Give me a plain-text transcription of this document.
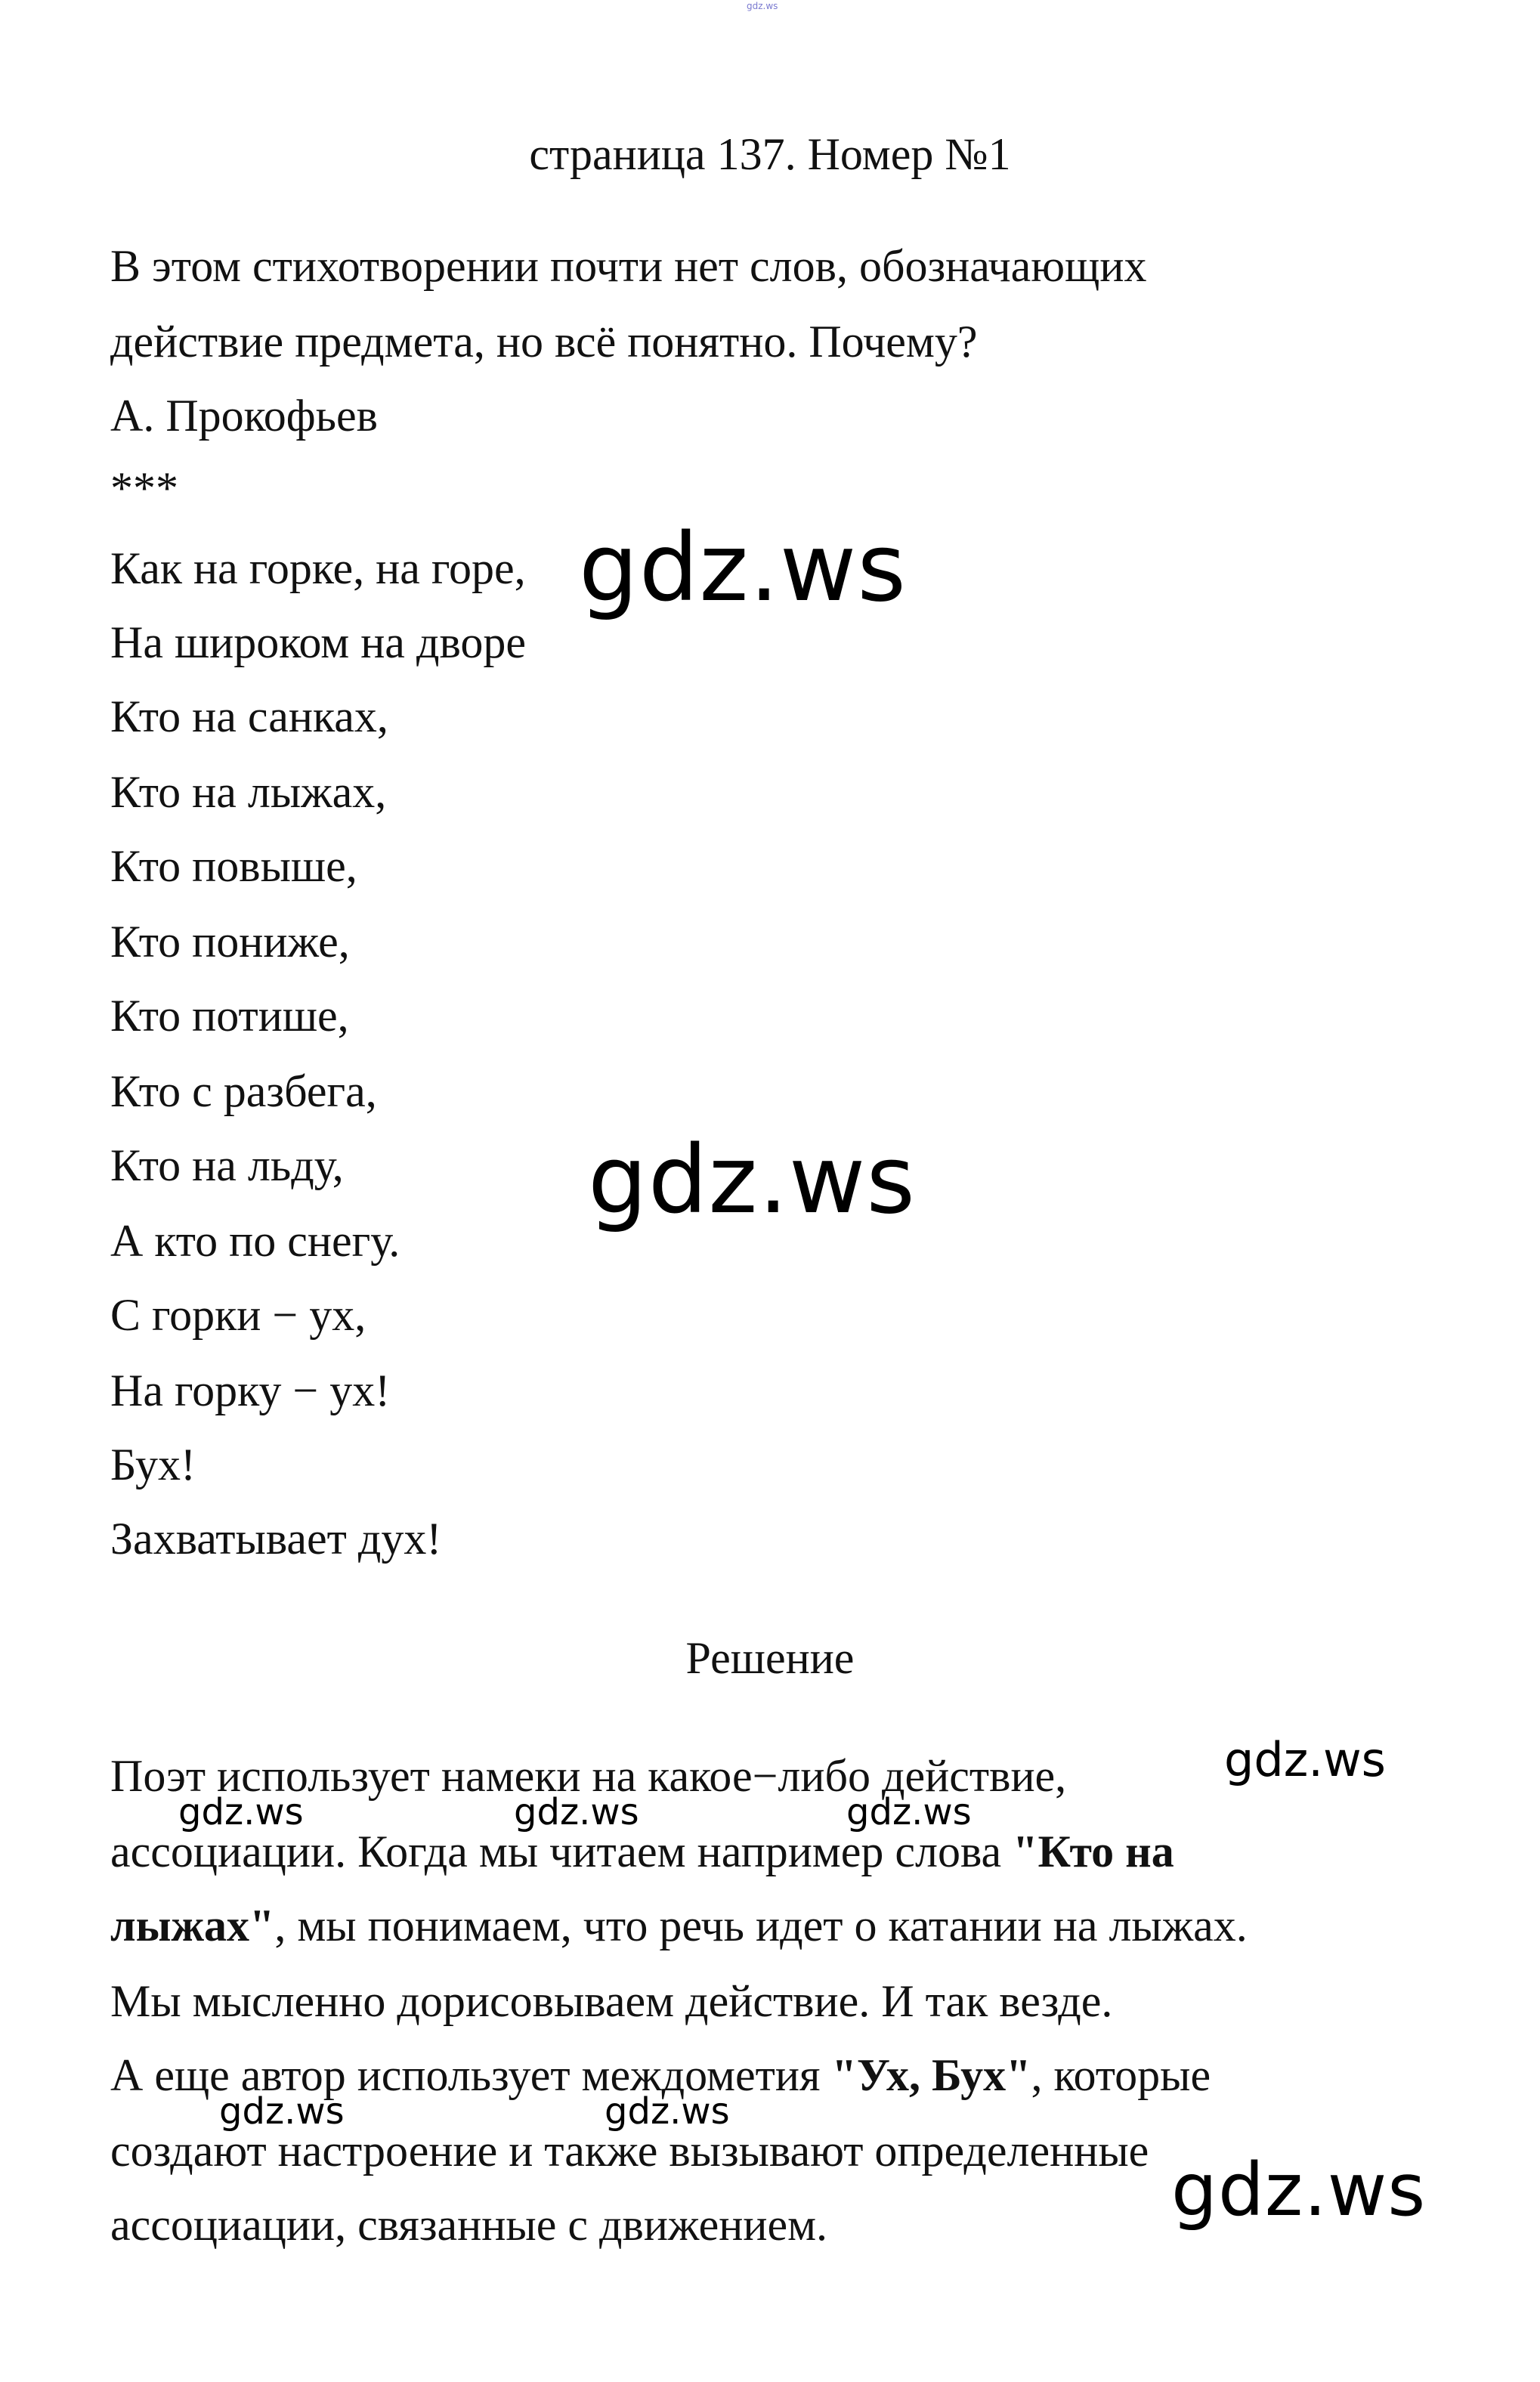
gdz.ws
страница 137. Номер №1
В этом стихотворении почти нет слов, обозначающих
действие предмета, но всё понятно. Почему?
А. Прокофьев
***
Как на горке, на горе,
На широком на дворе
Кто на санках,
Кто на лыжах,
Кто повыше,
Кто пониже,
Кто потише,
Кто с разбега,
Кто на льду,
А кто по снегу.
С горки − ух,
На горку − ух!
Бух!
Захватывает дух!
Решение
Поэт использует намеки на какое−либо действие,
ассоциации. Когда мы читаем например слова "Кто на
лыжах", мы понимаем, что речь идет о катании на лыжах.
Мы мысленно дорисовываем действие. И так везде.
А еще автор использует междометия "Ух, Бух", которые
создают настроение и также вызывают определенные
ассоциации, связанные с движением.
gdz.ws
gdz.ws
gdz.ws
gdz.ws	gdz.ws	gdz.ws
gdz.ws	gdz.ws
gdz.ws
